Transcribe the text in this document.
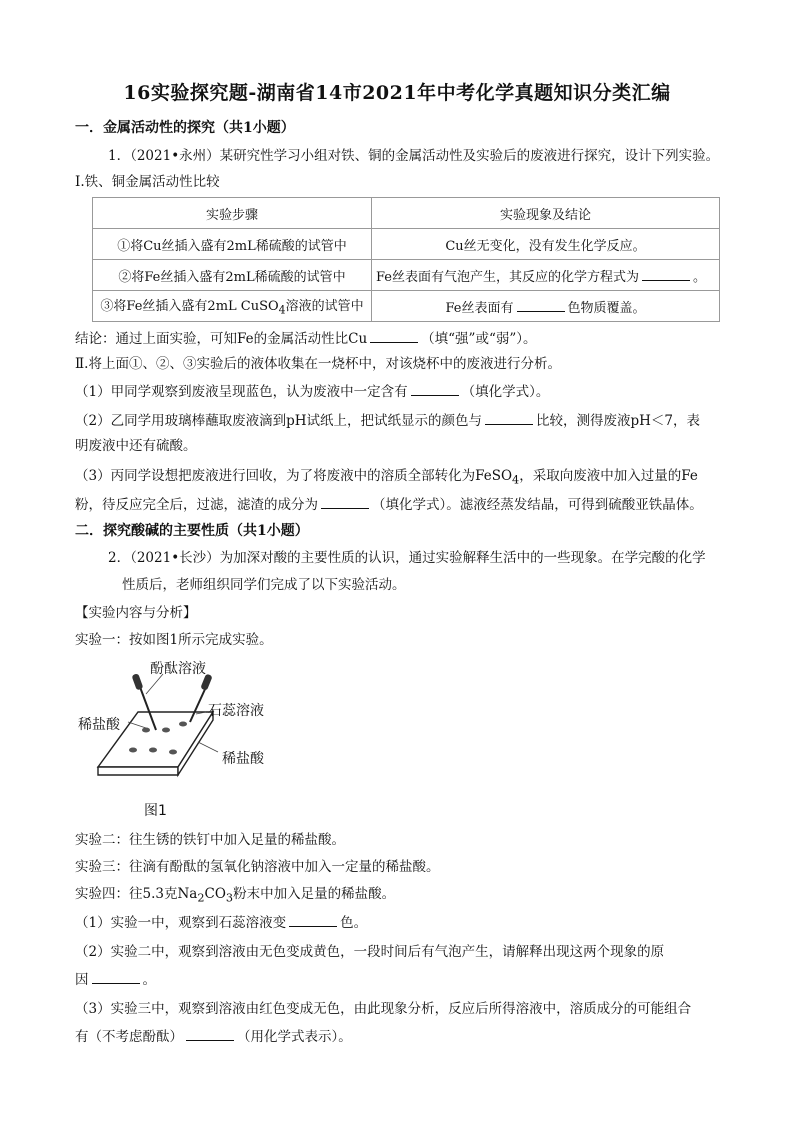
16实验探究题-湖南省14市2021年中考化学真题知识分类汇编
一．金属活动性的探究（共1小题）
1．（2021•永州）某研究性学习小组对铁、铜的金属活动性及实验后的废液进行探究，设计下列实验。
Ⅰ.铁、铜金属活动性比较
实验步骤	实验现象及结论
①将Cu丝插入盛有2mL稀硫酸的试管中	Cu丝无变化，没有发生化学反应。
②将Fe丝插入盛有2mL稀硫酸的试管中	Fe丝表面有气泡产生，其反应的化学方程式为 。
③将Fe丝插入盛有2mL CuSO$_4$溶液的试管中	Fe丝表面有 色物质覆盖。
结论：通过上面实验，可知Fe的金属活动性比Cu	（填“强”或“弱”）。
Ⅱ.将上面①、②、③实验后的液体收集在一烧杯中，对该烧杯中的废液进行分析。
（1）甲同学观察到废液呈现蓝色，认为废液中一定含有	（填化学式）。
（2）乙同学用玻璃棒蘸取废液滴到pH试纸上，把试纸显示的颜色与	比较，测得废液pH＜7，表
明废液中还有硫酸。
（3）丙同学设想把废液进行回收，为了将废液中的溶质全部转化为FeSO$_4$，采取向废液中加入过量的Fe
粉，待反应完全后，过滤，滤渣的成分为	（填化学式）。滤液经蒸发结晶，可得到硫酸亚铁晶体。
二．探究酸碱的主要性质（共1小题）
2．（2021•长沙）为加深对酸的主要性质的认识，通过实验解释生活中的一些现象。在学完酸的化学
性质后，老师组织同学们完成了以下实验活动。
【实验内容与分析】
实验一：按如图1所示完成实验。
酚酞溶液
石蕊溶液
稀盐酸
稀盐酸
图1
实验二：往生锈的铁钉中加入足量的稀盐酸。
实验三：往滴有酚酞的氢氧化钠溶液中加入一定量的稀盐酸。
实验四：往5.3克$Na_2CO_3$粉末中加入足量的稀盐酸。
（1）实验一中，观察到石蕊溶液变	色。
（2）实验二中，观察到溶液由无色变成黄色，一段时间后有气泡产生，请解释出现这两个现象的原
因	。
（3）实验三中，观察到溶液由红色变成无色，由此现象分析，反应后所得溶液中，溶质成分的可能组合
有（不考虑酚酞）	（用化学式表示）。
